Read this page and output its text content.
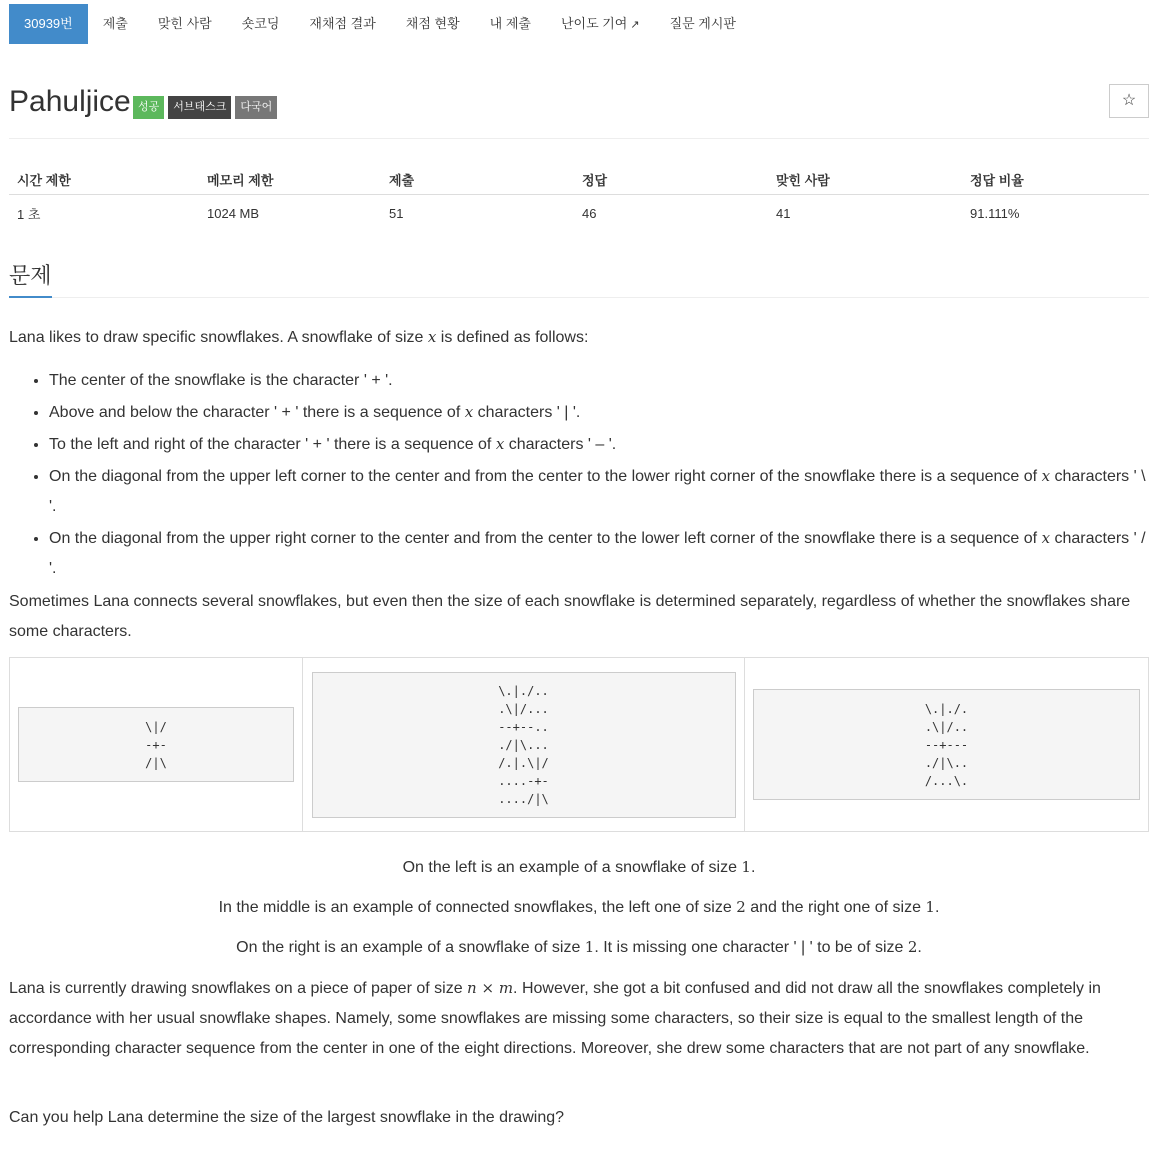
30939번	제출	맞힌 사람	숏코딩	재채점 결과	채점 현황	내 제출	난이도 기여 ↗	질문 게시판
Pahuljice 성공	서브태스크	다국어	☆
시간 제한	메모리 제한	제출	정답	맞힌 사람	정답 비율
1 초	1024 MB	51	46	41	91.111%
문제
Lana likes to draw specific snowflakes. A snowflake of size x is defined as follows:
• The center of the snowflake is the character ' + '.
• Above and below the character ' + ' there is a sequence of x characters ' | '.
• To the left and right of the character ' + ' there is a sequence of x characters ' – '.
• On the diagonal from the upper left corner to the center and from the center to the lower right corner of the snowflake there is a sequence of x characters ' \ '.
• On the diagonal from the upper right corner to the center and from the center to the lower left corner of the snowflake there is a sequence of x characters ' / '.
Sometimes Lana connects several snowflakes, but even then the size of each snowflake is determined separately, regardless of whether the snowflakes share some characters.
\|/
-+-
/|\
\.|./..
.\|/...
--+--..
./|\...
/.|.\|/
....-+-
..../|\
\.|./.
.\|/..
--+---
./|\..
/...\.
On the left is an example of a snowflake of size 1.
In the middle is an example of connected snowflakes, the left one of size 2 and the right one of size 1.
On the right is an example of a snowflake of size 1. It is missing one character ' | ' to be of size 2.
Lana is currently drawing snowflakes on a piece of paper of size n × m. However, she got a bit confused and did not draw all the snowflakes completely in accordance with her usual snowflake shapes. Namely, some snowflakes are missing some characters, so their size is equal to the smallest length of the corresponding character sequence from the center in one of the eight directions. Moreover, she drew some characters that are not part of any snowflake.
Can you help Lana determine the size of the largest snowflake in the drawing?
